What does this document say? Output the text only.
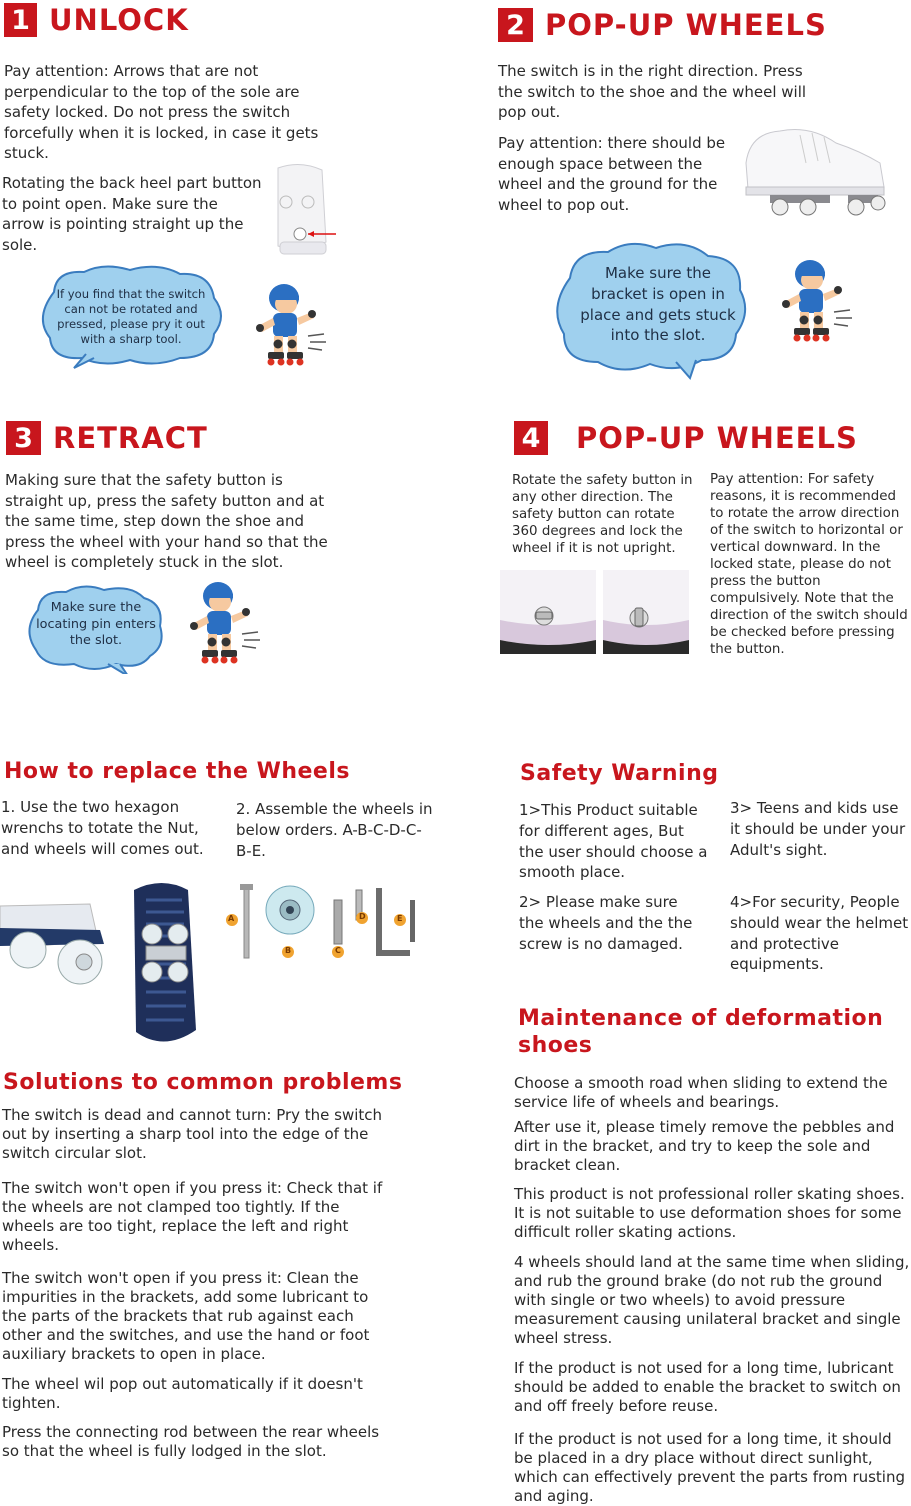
1 UNLOCK

Pay attention: Arrows that are not perpendicular to the top of the sole are safety locked. Do not press the switch forcefully when it is locked, in case it gets stuck.

Rotating the back heel part button to point open. Make sure the arrow is pointing straight up the sole.

If you find that the switch can not be rotated and pressed, please pry it out with a sharp tool.
2 POP-UP WHEELS

The switch is in the right direction. Press the switch to the shoe and the wheel will pop out.

Pay attention: there should be enough space between the wheel and the ground for the wheel to pop out.

Make sure the bracket is open in place and gets stuck into the slot.
3 RETRACT

Making sure that the safety button is straight up, press the safety button and at the same time, step down the shoe and press the wheel with your hand so that the wheel is completely stuck in the slot.

Make sure the locating pin enters the slot.
4 POP-UP WHEELS

Rotate the safety button in any other direction. The safety button can rotate 360 degrees and lock the wheel if it is not upright.

Pay attention: For safety reasons, it is recommended to rotate the arrow direction of the switch to horizontal or vertical downward. In the locked state, please do not press the button compulsively. Note that the direction of the switch should be checked before pressing the button.

How to replace the Wheels

1. Use the two hexagon wrenchs to totate the Nut, and wheels will comes out.

2. Assemble the wheels in below orders. A-B-C-D-C- B-E.

A
B	C
D	E
Safety Warning

1>This Product suitable for different ages, But the user should choose a smooth place.

3> Teens and kids use it should be under your Adult's sight.

2> Please make sure the wheels and the the screw is no damaged.

4>For security, People should wear the helmet and protective equipments.

Maintenance of deformation
shoes

Choose a smooth road when sliding to extend the service life of wheels and bearings.

After use it, please timely remove the pebbles and dirt in the bracket, and try to keep the sole and bracket clean.

This product is not professional roller skating shoes. It is not suitable to use deformation shoes for some difficult roller skating actions.

4 wheels should land at the same time when sliding, and rub the ground brake (do not rub the ground with single or two wheels) to avoid pressure measurement causing unilateral bracket and single wheel stress.

If the product is not used for a long time, lubricant should be added to enable the bracket to switch on and off freely before reuse.

If the product is not used for a long time, it should be placed in a dry place without direct sunlight, which can effectively prevent the parts from rusting and aging.

Solutions to common problems

The switch is dead and cannot turn: Pry the switch out by inserting a sharp tool into the edge of the switch circular slot.

The switch won't open if you press it: Check that if the wheels are not clamped too tightly. If the wheels are too tight, replace the left and right wheels.

The switch won't open if you press it: Clean the impurities in the brackets, add some lubricant to the parts of the brackets that rub against each other and the switches, and use the hand or foot auxiliary brackets to open in place.

The wheel wil pop out automatically if it doesn't tighten.

Press the connecting rod between the rear wheels so that the wheel is fully lodged in the slot.
